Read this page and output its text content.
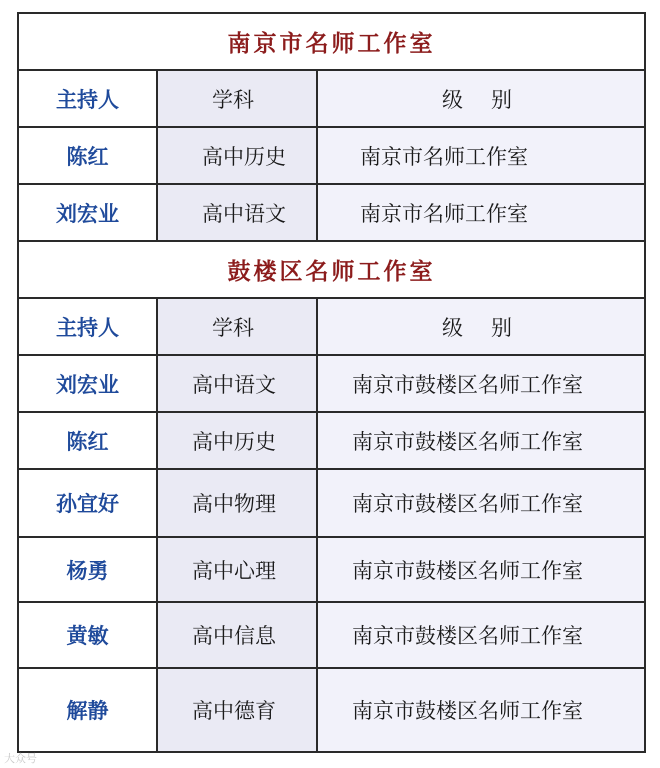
南京市名师工作室
主持人	学科	级别
陈红	高中历史	南京市名师工作室
刘宏业	高中语文	南京市名师工作室
鼓楼区名师工作室
主持人	学科	级别
刘宏业	高中语文	南京市鼓楼区名师工作室
陈红	高中历史	南京市鼓楼区名师工作室
孙宜好	高中物理	南京市鼓楼区名师工作室
杨勇	高中心理	南京市鼓楼区名师工作室
黄敏	高中信息	南京市鼓楼区名师工作室
解静	高中德育	南京市鼓楼区名师工作室
大众号
